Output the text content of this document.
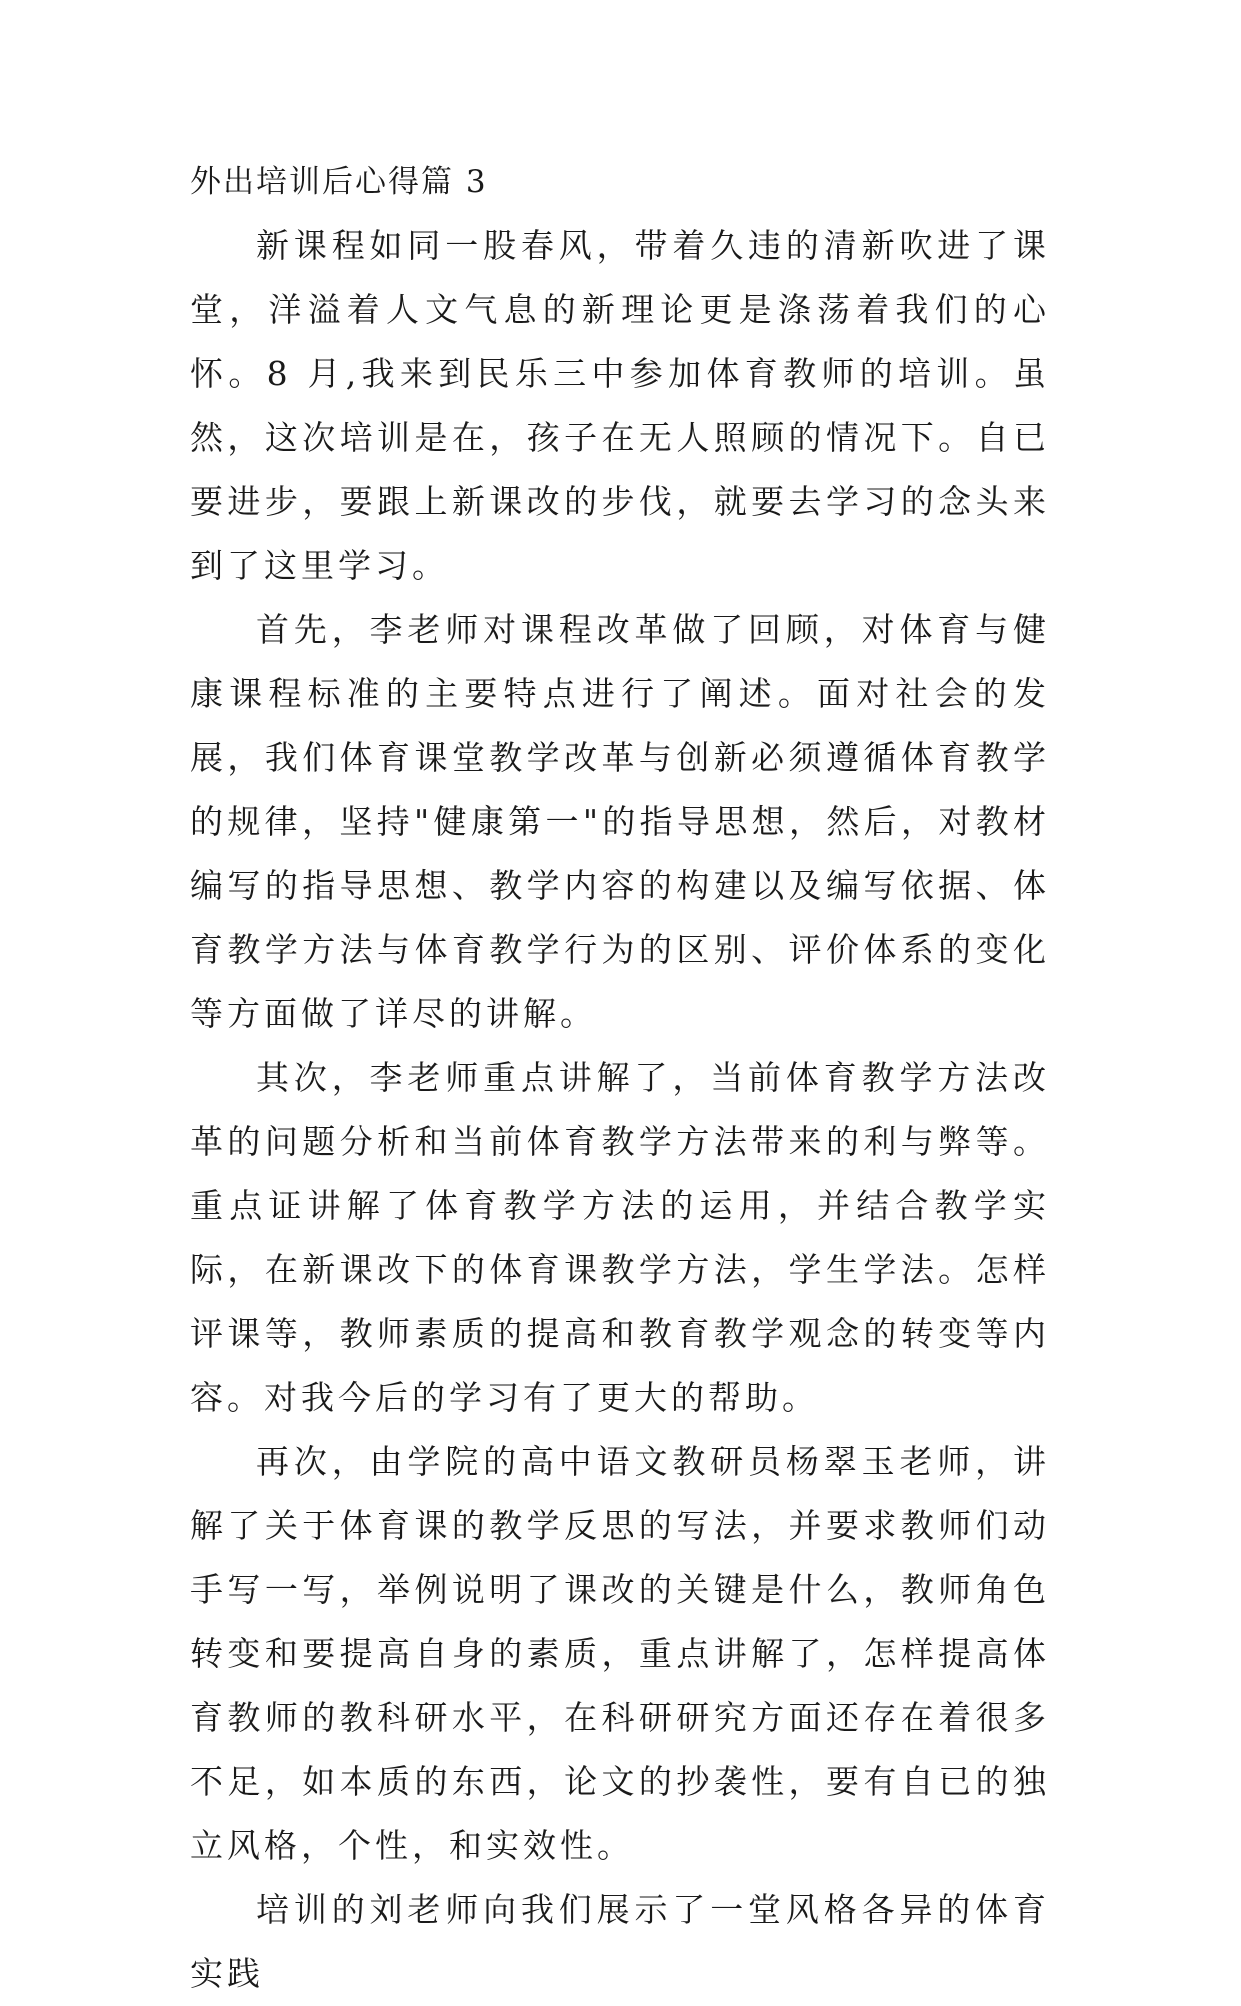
外出培训后心得篇 3

新课程如同一股春风，带着久违的清新吹进了课堂，洋溢着人文气息的新理论更是涤荡着我们的心怀。8 月,我来到民乐三中参加体育教师的培训。虽然，这次培训是在，孩子在无人照顾的情况下。自已要进步，要跟上新课改的步伐，就要去学习的念头来到了这里学习。

首先，李老师对课程改革做了回顾，对体育与健康课程标准的主要特点进行了阐述。面对社会的发展，我们体育课堂教学改革与创新必须遵循体育教学的规律，坚持"健康第一"的指导思想，然后，对教材编写的指导思想、教学内容的构建以及编写依据、体育教学方法与体育教学行为的区别、评价体系的变化等方面做了详尽的讲解。

其次，李老师重点讲解了，当前体育教学方法改革的问题分析和当前体育教学方法带来的利与弊等。重点证讲解了体育教学方法的运用，并结合教学实际，在新课改下的体育课教学方法，学生学法。怎样评课等，教师素质的提高和教育教学观念的转变等内容。对我今后的学习有了更大的帮助。

再次，由学院的高中语文教研员杨翠玉老师，讲解了关于体育课的教学反思的写法，并要求教师们动手写一写，举例说明了课改的关键是什么，教师角色转变和要提高自身的素质，重点讲解了，怎样提高体育教师的教科研水平，在科研研究方面还存在着很多不足，如本质的东西，论文的抄袭性，要有自已的独立风格，个性，和实效性。

培训的刘老师向我们展示了一堂风格各异的体育实践
